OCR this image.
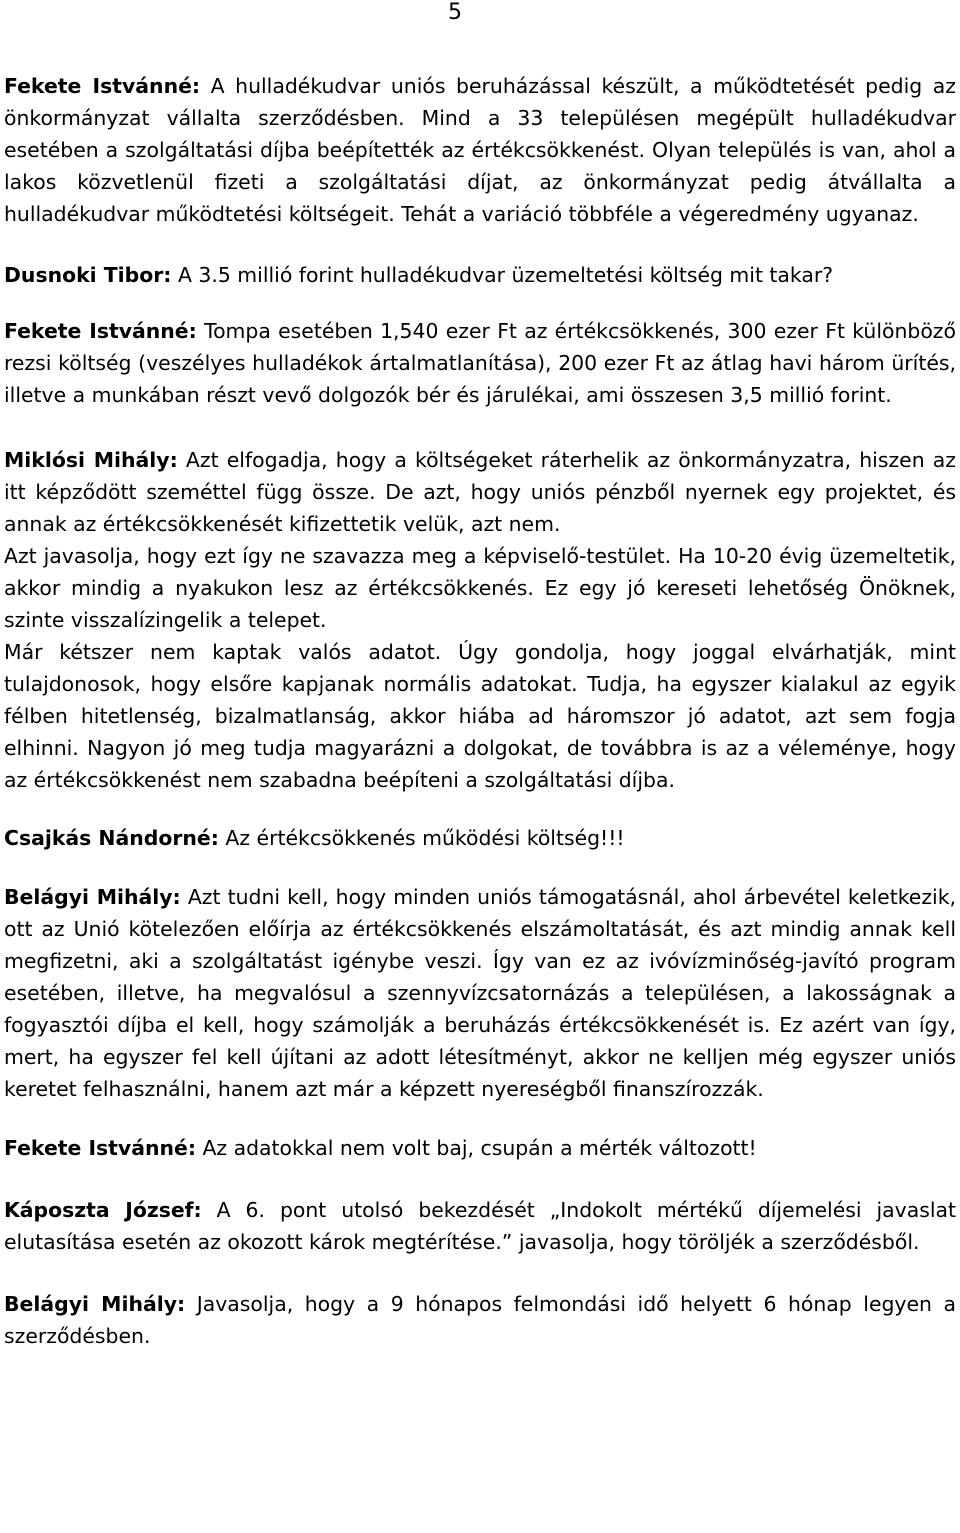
5

Fekete Istvánné: A hulladékudvar uniós beruházással készült, a működtetését pedig az önkormányzat vállalta szerződésben. Mind a 33 településen megépült hulladékudvar esetében a szolgáltatási díjba beépítették az értékcsökkenést. Olyan település is van, ahol a lakos közvetlenül fizeti a szolgáltatási díjat, az önkormányzat pedig átvállalta a hulladékudvar működtetési költségeit. Tehát a variáció többféle a végeredmény ugyanaz.

Dusnoki Tibor: A 3.5 millió forint hulladékudvar üzemeltetési költség mit takar?

Fekete Istvánné: Tompa esetében 1,540 ezer Ft az értékcsökkenés, 300 ezer Ft különböző rezsi költség (veszélyes hulladékok ártalmatlanítása), 200 ezer Ft az átlag havi három ürítés, illetve a munkában részt vevő dolgozók bér és járulékai, ami összesen 3,5 millió forint.

Miklósi Mihály: Azt elfogadja, hogy a költségeket ráterhelik az önkormányzatra, hiszen az itt képződött szeméttel függ össze. De azt, hogy uniós pénzből nyernek egy projektet, és annak az értékcsökkenését kifizettetik velük, azt nem.

Azt javasolja, hogy ezt így ne szavazza meg a képviselő-testület. Ha 10-20 évig üzemeltetik, akkor mindig a nyakukon lesz az értékcsökkenés. Ez egy jó kereseti lehetőség Önöknek, szinte visszalízingelik a telepet.

Már kétszer nem kaptak valós adatot. Úgy gondolja, hogy joggal elvárhatják, mint tulajdonosok, hogy elsőre kapjanak normális adatokat. Tudja, ha egyszer kialakul az egyik félben hitetlenség, bizalmatlanság, akkor hiába ad háromszor jó adatot, azt sem fogja elhinni. Nagyon jó meg tudja magyarázni a dolgokat, de továbbra is az a véleménye, hogy az értékcsökkenést nem szabadna beépíteni a szolgáltatási díjba.

Csajkás Nándorné: Az értékcsökkenés működési költség!!!

Belágyi Mihály: Azt tudni kell, hogy minden uniós támogatásnál, ahol árbevétel keletkezik, ott az Unió kötelezően előírja az értékcsökkenés elszámoltatását, és azt mindig annak kell megfizetni, aki a szolgáltatást igénybe veszi. Így van ez az ivóvízminőség-javító program esetében, illetve, ha megvalósul a szennyvízcsatornázás a településen, a lakosságnak a fogyasztói díjba el kell, hogy számolják a beruházás értékcsökkenését is. Ez azért van így, mert, ha egyszer fel kell újítani az adott létesítményt, akkor ne kelljen még egyszer uniós keretet felhasználni, hanem azt már a képzett nyereségből finanszírozzák.

Fekete Istvánné: Az adatokkal nem volt baj, csupán a mérték változott!

Káposzta József: A 6. pont utolsó bekezdését „Indokolt mértékű díjemelési javaslat elutasítása esetén az okozott károk megtérítése.” javasolja, hogy töröljék a szerződésből.

Belágyi Mihály: Javasolja, hogy a 9 hónapos felmondási idő helyett 6 hónap legyen a szerződésben.
